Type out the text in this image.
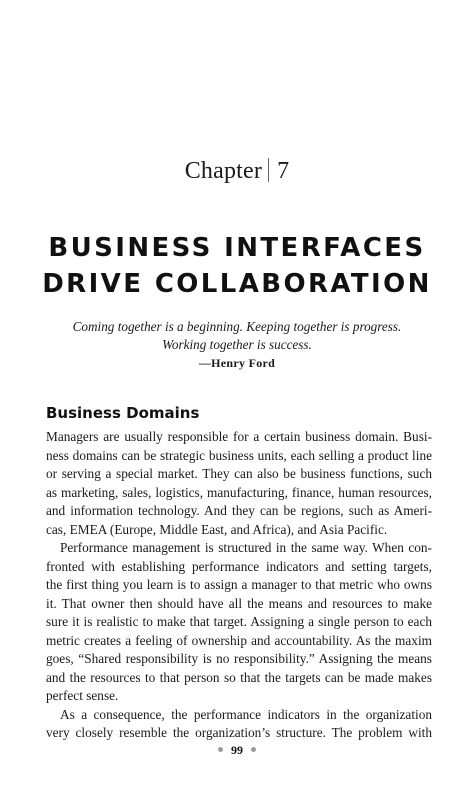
Chapter 7
BUSINESS INTERFACES
DRIVE COLLABORATION
Coming together is a beginning. Keeping together is progress.
Working together is success.
—Henry Ford
Business Domains
Managers are usually responsible for a certain business domain. Busi-
ness domains can be strategic business units, each selling a product line
or serving a special market. They can also be business functions, such
as marketing, sales, logistics, manufacturing, finance, human resources,
and information technology. And they can be regions, such as Ameri-
cas, EMEA (Europe, Middle East, and Africa), and Asia Pacific.
Performance management is structured in the same way. When con-
fronted with establishing performance indicators and setting targets,
the first thing you learn is to assign a manager to that metric who owns
it. That owner then should have all the means and resources to make
sure it is realistic to make that target. Assigning a single person to each
metric creates a feeling of ownership and accountability. As the maxim
goes, “Shared responsibility is no responsibility.” Assigning the means
and the resources to that person so that the targets can be made makes
perfect sense.
As a consequence, the performance indicators in the organization
very closely resemble the organization’s structure. The problem with
99
